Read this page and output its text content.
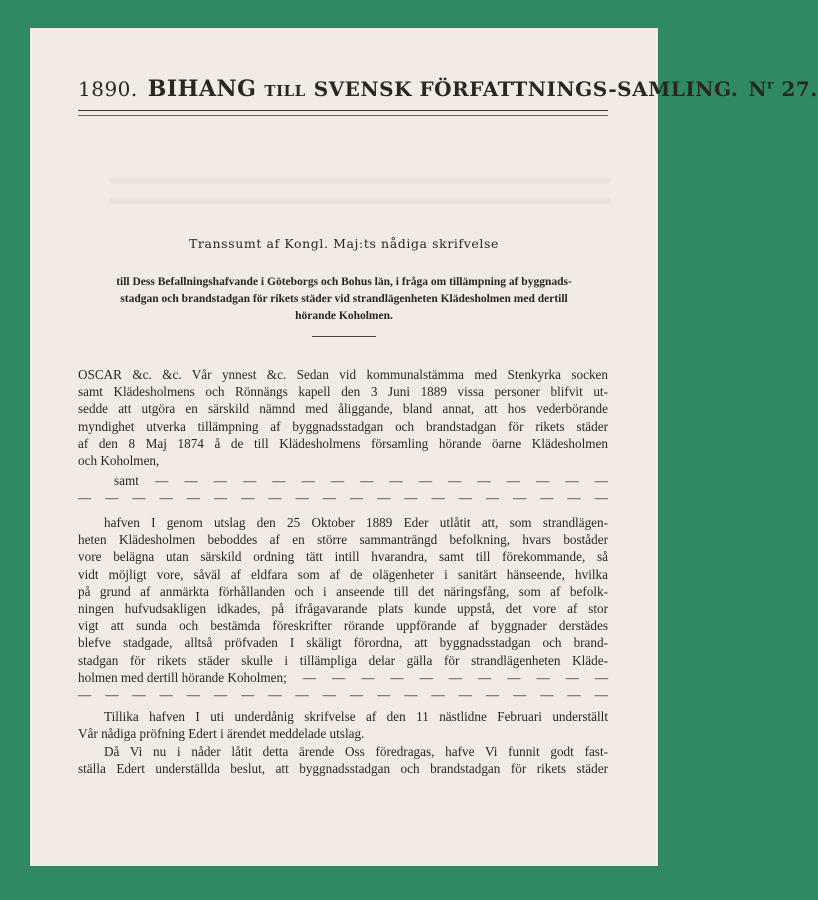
1890. BIHANG TILL SVENSK FÖRFATTNINGS-SAMLING. $N^r$ 27.
Transsumt af Kongl. Maj:ts nådiga skrifvelse
till Dess Befallningshafvande i Göteborgs och Bohus län, i fråga om tillämpning af byggnads-
stadgan och brandstadgan för rikets städer vid strandlägenheten Klädesholmen med dertill
hörande Koholmen.
OSCAR &c. &c. Vår ynnest &c. Sedan vid kommunalstämma med Stenkyrka socken
samt Klädesholmens och Rönnängs kapell den 3 Juni 1889 vissa personer blifvit ut-
sedde att utgöra en särskild nämnd med åliggande, bland annat, att hos vederbörande
myndighet utverka tillämpning af byggnadsstadgan och brandstadgan för rikets städer
af den 8 Maj 1874 å de till Klädesholmens församling hörande öarne Klädesholmen
och Koholmen,
samt — — — — — — — — — — — — — — — —
— — — — — — — — — — — — — — — — — — — —
hafven I genom utslag den 25 Oktober 1889 Eder utlåtit att, som strandlägen-
heten Klädesholmen beboddes af en större sammanträngd befolkning, hvars boståder
vore belägna utan särskild ordning tätt intill hvarandra, samt till förekommande, så
vidt möjligt vore, såväl af eldfara som af de olägenheter i sanitärt hänseende, hvilka
på grund af anmärkta förhållanden och i anseende till det näringsfång, som af befolk-
ningen hufvudsakligen idkades, på ifrågavarande plats kunde uppstå, det vore af stor
vigt att sunda och bestämda föreskrifter rörande uppförande af byggnader derstädes
blefve stadgade, alltså pröfvaden I skäligt förordna, att byggnadsstadgan och brand-
stadgan för rikets städer skulle i tillämpliga delar gälla för strandlägenheten Kläde-
holmen med dertill hörande Koholmen; — — — — — — — — — — —
— — — — — — — — — — — — — — — — — — — —
Tillika hafven I uti underdånig skrifvelse af den 11 nästlidne Februari underställt
Vår nådiga pröfning Edert i ärendet meddelade utslag.
Då Vi nu i nåder låtit detta ärende Oss föredragas, hafve Vi funnit godt fast-
ställa Edert underställda beslut, att byggnadsstadgan och brandstadgan för rikets städer
